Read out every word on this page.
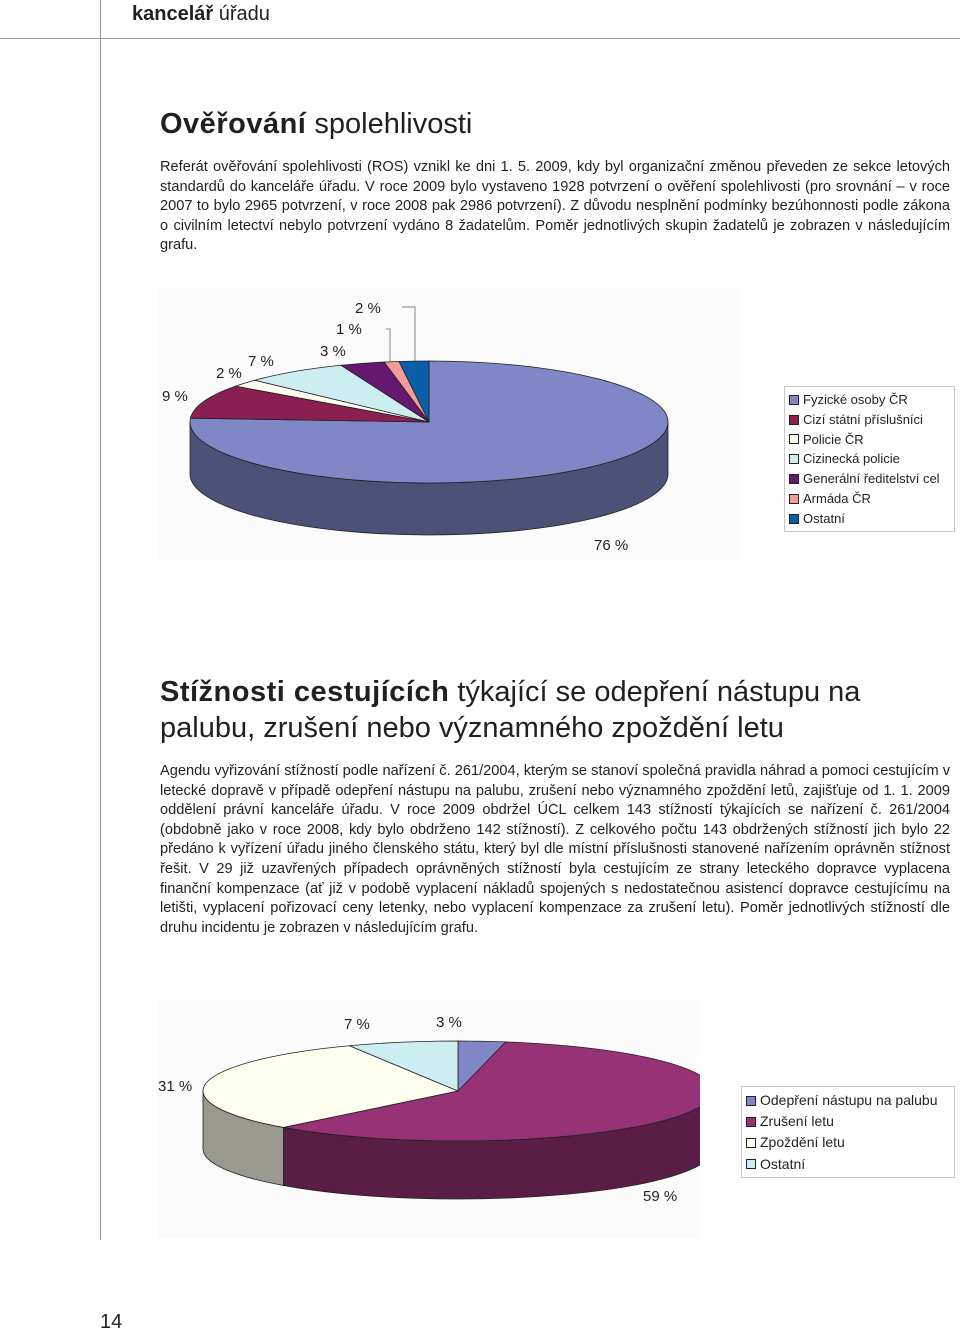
kancelář úřadu
Ověřování spolehlivosti

Referát ověřování spolehlivosti (ROS) vznikl ke dni 1. 5. 2009, kdy byl organizační změnou převeden ze sekce letových standardů do kanceláře úřadu. V roce 2009 bylo vystaveno 1928 potvrzení o ověření spolehlivosti (pro srovnání – v roce 2007 to bylo 2965 potvrzení, v roce 2008 pak 2986 potvrzení). Z důvodu nesplnění podmínky bezúhonnosti podle zákona o civilním letectví nebylo potvrzení vydáno 8 žadatelům. Poměr jednotlivých skupin žadatelů je zobrazen v následujícím grafu.

76 %
9 %
2 %
7 %
3 %
1 %
2 %
Fyzické osoby ČR
Cizí státní příslušníci
Policie ČR
Cizinecká policie
Generální ředitelství cel
Armáda ČR
Ostatní
Stížnosti cestujících týkající se odepření nástupu na palubu, zrušení nebo významného zpoždění letu

Agendu vyřizování stížností podle nařízení č. 261/2004, kterým se stanoví společná pravidla náhrad a pomoci cestujícím v letecké dopravě v případě odepření nástupu na palubu, zrušení nebo významného zpoždění letů, zajišťuje od 1. 1. 2009 oddělení právní kanceláře úřadu. V roce 2009 obdržel ÚCL celkem 143 stížností týkajících se nařízení č. 261/2004 (obdobně jako v roce 2008, kdy bylo obdrženo 142 stížností). Z celkového počtu 143 obdržených stížností jich bylo 22 předáno k vyřízení úřadu jiného členského státu, který byl dle místní příslušnosti stanovené nařízením oprávněn stížnost řešit. V 29 již uzavřených případech oprávněných stížností byla cestujícím ze strany leteckého dopravce vyplacena finanční kompenzace (ať již v podobě vyplacení nákladů spojených s nedostatečnou asistencí dopravce cestujícímu na letišti, vyplacení pořizovací ceny letenky, nebo vyplacení kompenzace za zrušení letu). Poměr jednotlivých stížností dle druhu incidentu je zobrazen v následujícím grafu.

3 %
59 %
31 %
7 %
Odepření nástupu na palubu
Zrušení letu
Zpoždění letu
Ostatní
14
